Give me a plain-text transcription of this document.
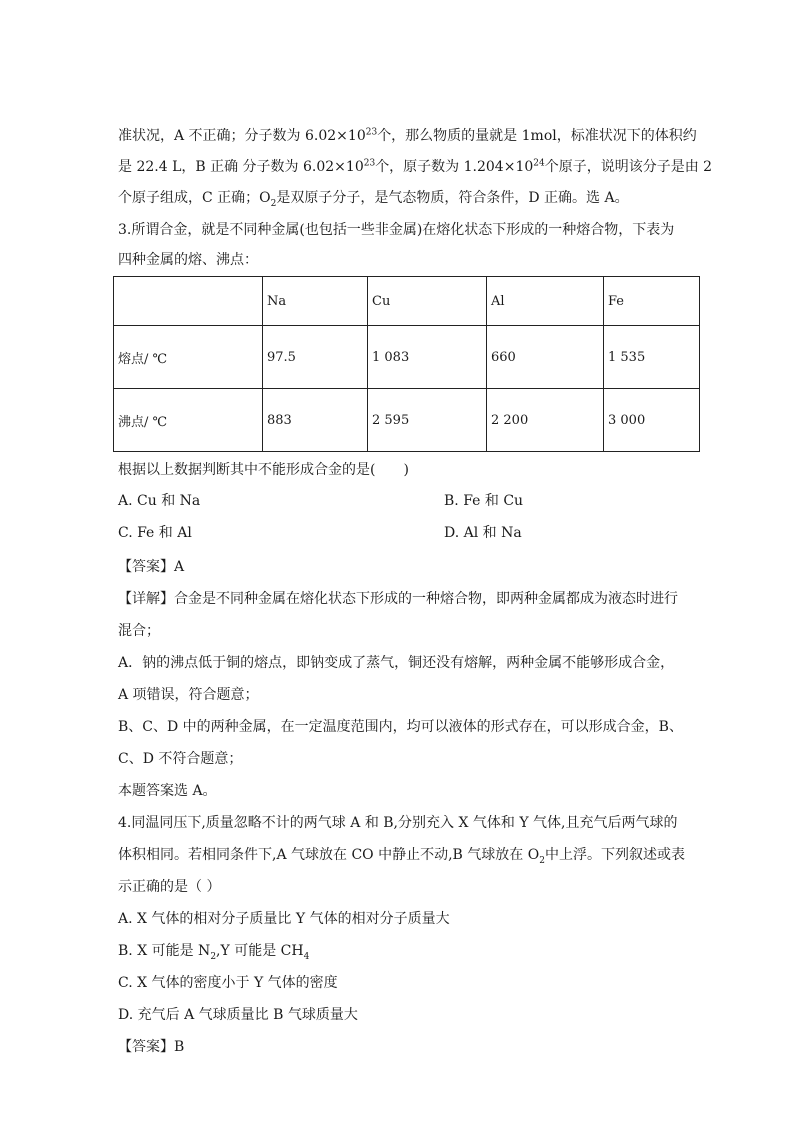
准状况，A 不正确；分子数为 $6.02\times 10^{23}$个，那么物质的量就是 1mol，标准状况下的体积约

是 22.4 L，B 正确 分子数为 $6.02\times 10^{23}$个，原子数为 $1.204\times 10^{24}$个原子，说明该分子是由 2

个原子组成，C 正确；$O_2$是双原子分子，是气态物质，符合条件，D 正确。选 A。

3.所谓合金，就是不同种金属(也包括一些非金属)在熔化状态下形成的一种熔合物，下表为

四种金属的熔、沸点：

	Na	Cu	Al	Fe
熔点/ ℃	97.5	1 083	660	1 535
沸点/ ℃	883	2 595	2 200	3 000

根据以上数据判断其中不能形成合金的是(　　)

A. Cu 和 Na	B. Fe 和 Cu
C. Fe 和 Al	D. Al 和 Na

【答案】A

【详解】合金是不同种金属在熔化状态下形成的一种熔合物，即两种金属都成为液态时进行

混合；

A．钠的沸点低于铜的熔点，即钠变成了蒸气，铜还没有熔解，两种金属不能够形成合金，

A 项错误，符合题意；

B、C、D 中的两种金属，在一定温度范围内，均可以液体的形式存在，可以形成合金，B、

C、D 不符合题意；

本题答案选 A。

4.同温同压下,质量忽略不计的两气球 A 和 B,分别充入 X 气体和 Y 气体,且充气后两气球的

体积相同。若相同条件下,A 气球放在 CO 中静止不动,B 气球放在 $O_2$中上浮。下列叙述或表

示正确的是（ ）

A. X 气体的相对分子质量比 Y 气体的相对分子质量大

B. X 可能是 $N_2,Y$ 可能是 $CH_4$

C. X 气体的密度小于 Y 气体的密度

D. 充气后 A 气球质量比 B 气球质量大

【答案】B
